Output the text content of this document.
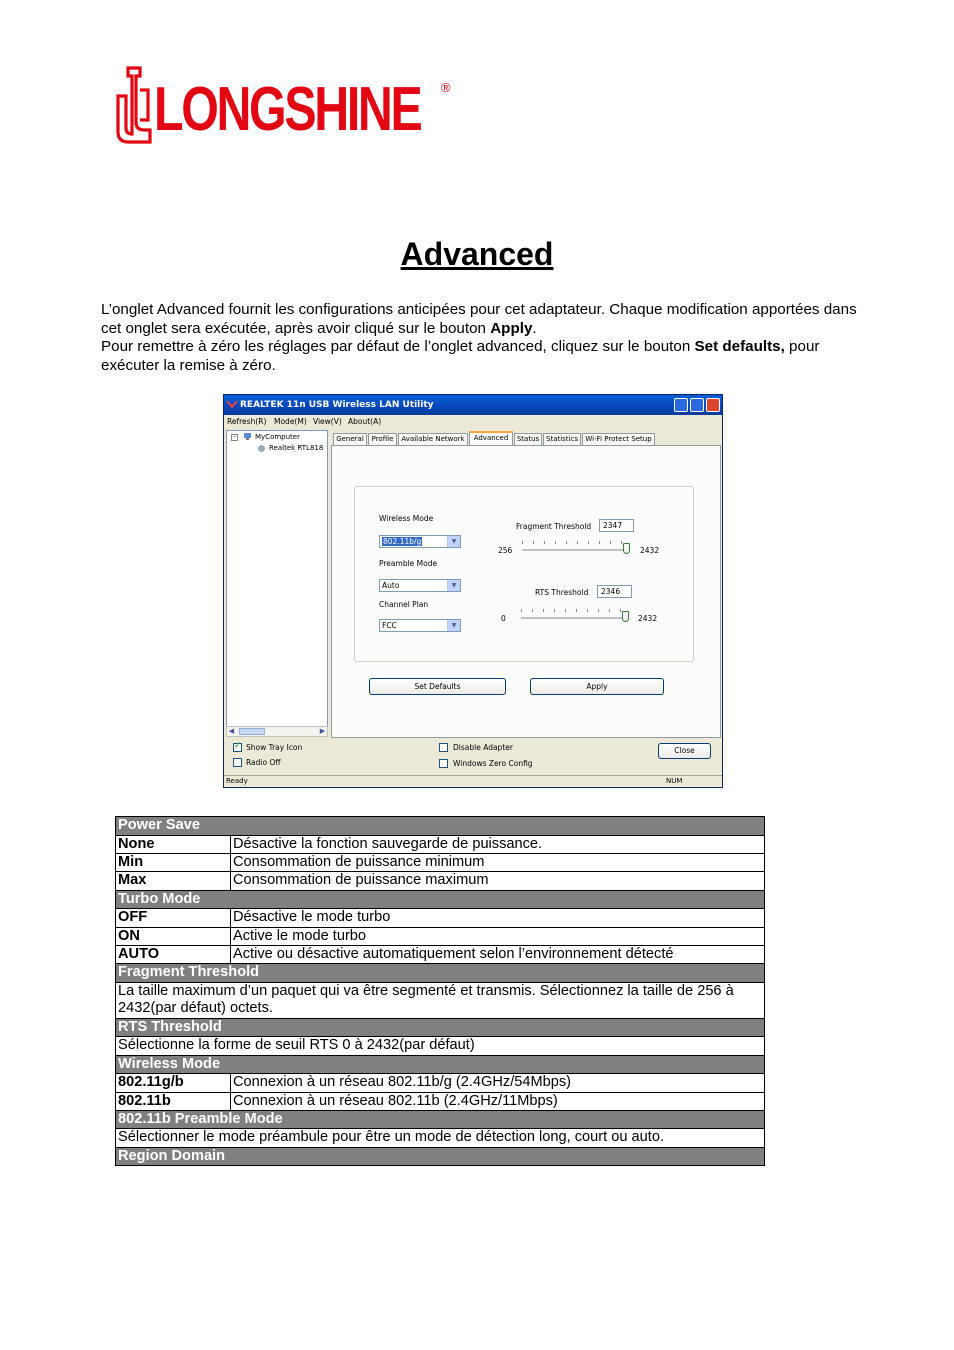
LONGSHINE ®
Advanced

L’onglet Advanced fournit les configurations anticipées pour cet adaptateur. Chaque modification apportées dans cet onglet sera exécutée, après avoir cliqué sur le bouton Apply.

Pour remettre à zéro les réglages par défaut de l’onglet advanced, cliquez sur le bouton Set defaults, pour exécuter la remise à zéro.

REALTEK 11n USB Wireless LAN Utility
Refresh(R) Mode(M) View(V) About(A)
-	MyComputer
Realtek RTL818
◀	▶
General	Profile	Available Network	Advanced	Status Statistics	Wi-Fi Protect Setup
Wireless Mode
802.11b/g	▼
Preamble Mode
Auto	▼
Channel Plan
FCC	▼
Fragment Threshold 2347
256	2432
RTS Threshold 2346
0	2432
Set Defaults	Apply
✓
Show Tray Icon
Radio Off
Disable Adapter
Windows Zero Config
Close
Ready	NUM
Power Save	
None	Désactive la fonction sauvegarde de puissance.
Min	Consommation de puissance minimum
Max	Consommation de puissance maximum
Turbo Mode	
OFF	Désactive le mode turbo
ON	Active le mode turbo
AUTO	Active ou désactive automatiquement selon l’environnement détecté
Fragment Threshold	
La taille maximum d’un paquet qui va être segmenté et transmis. Sélectionnez la taille de 256 à 2432(par défaut) octets.	
RTS Threshold	
Sélectionne la forme de seuil RTS 0 à 2432(par défaut)	
Wireless Mode	
802.11g/b	Connexion à un réseau 802.11b/g (2.4GHz/54Mbps)
802.11b	Connexion à un réseau 802.11b (2.4GHz/11Mbps)
802.11b Preamble Mode	
Sélectionner le mode préambule pour être un mode de détection long, court ou auto.	
Region Domain	
